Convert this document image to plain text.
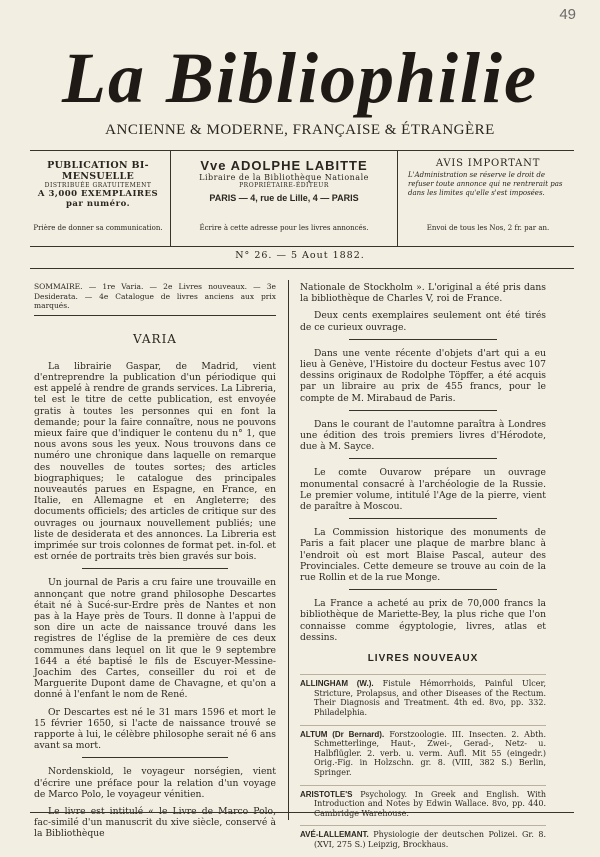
49
La Bibliophilie
ANCIENNE & MODERNE, FRANÇAISE & ÉTRANGÈRE
PUBLICATION BI-MENSUELLE
DISTRIBUÉE GRATUITEMENT
A 3,000 EXEMPLAIRES
par numéro.
Prière de donner sa communication.
Vve ADOLPHE LABITTE
Libraire de la Bibliothèque Nationale
PROPRIÉTAIRE-ÉDITEUR
PARIS — 4, rue de Lille, 4 — PARIS
Écrire à cette adresse pour les livres annoncés.
AVIS IMPORTANT
L'Administration se réserve le droit de refuser toute annonce qui ne rentrerait pas dans les limites qu'elle s'est imposées.
Envoi de tous les Nos, 2 fr. par an.
N° 26. — 5 Aout 1882.
SOMMAIRE. — 1re Varia. — 2e Livres nouveaux. — 3e Desiderata. — 4e Catalogue de livres anciens aux prix marqués.
VARIA

La librairie Gaspar, de Madrid, vient d'entreprendre la publication d'un périodique qui est appelé à rendre de grands services. La Libreria, tel est le titre de cette publication, est envoyée gratis à toutes les personnes qui en font la demande; pour la faire connaître, nous ne pouvons mieux faire que d'indiquer le contenu du n° 1, que nous avons sous les yeux. Nous trouvons dans ce numéro une chronique dans laquelle on remarque des nouvelles de toutes sortes; des articles biographiques; le catalogue des principales nouveautés parues en Espagne, en France, en Italie, en Allemagne et en Angleterre; des documents officiels; des articles de critique sur des ouvrages ou journaux nouvellement publiés; une liste de desiderata et des annonces. La Libreria est imprimée sur trois colonnes de format pet. in-fol. et est ornée de portraits très bien gravés sur bois.

Un journal de Paris a cru faire une trouvaille en annonçant que notre grand philosophe Descartes était né à Sucé-sur-Erdre près de Nantes et non pas à la Haye près de Tours. Il donne à l'appui de son dire un acte de naissance trouvé dans les registres de l'église de la première de ces deux communes dans lequel on lit que le 9 septembre 1644 a été baptisé le fils de Escuyer-Messine-Joachim des Cartes, conseiller du roi et de Marguerite Dupont dame de Chavagne, et qu'on a donné à l'enfant le nom de René.

Or Descartes est né le 31 mars 1596 et mort le 15 février 1650, si l'acte de naissance trouvé se rapporte à lui, le célèbre philosophe serait né 6 ans avant sa mort.

Nordenskiold, le voyageur norségien, vient d'écrire une préface pour la relation d'un voyage de Marco Polo, le voyageur vénitien.

Le livre est intitulé « le Livre de Marco Polo, fac-similé d'un manuscrit du xive siècle, conservé à la Bibliothèque

Nationale de Stockholm ». L'original a été pris dans la bibliothèque de Charles V, roi de France.

Deux cents exemplaires seulement ont été tirés de ce curieux ouvrage.

Dans une vente récente d'objets d'art qui a eu lieu à Genève, l'Histoire du docteur Festus avec 107 dessins originaux de Rodolphe Töpffer, a été acquis par un libraire au prix de 455 francs, pour le compte de M. Mirabaud de Paris.

Dans le courant de l'automne paraîtra à Londres une édition des trois premiers livres d'Hérodote, due à M. Sayce.

Le comte Ouvarow prépare un ouvrage monumental consacré à l'archéologie de la Russie. Le premier volume, intitulé l'Age de la pierre, vient de paraître à Moscou.

La Commission historique des monuments de Paris a fait placer une plaque de marbre blanc à l'endroit où est mort Blaise Pascal, auteur des Provinciales. Cette demeure se trouve au coin de la rue Rollin et de la rue Monge.

La France a acheté au prix de 70,000 francs la bibliothèque de Mariette-Bey, la plus riche que l'on connaisse comme égyptologie, livres, atlas et dessins.

LIVRES NOUVEAUX
ALLINGHAM (W.). Fistule Hémorrhoids, Painful Ulcer, Stricture, Prolapsus, and other Diseases of the Rectum. Their Diagnosis and Treatment. 4th ed. 8vo, pp. 332. Philadelphia.
ALTUM (Dr Bernard). Forstzoologie. III. Insecten. 2. Abth. Schmetterlinge, Haut-, Zwei-, Gerad-, Netz- u. Halbflügler. 2. verb. u. verm. Aufl. Mit 55 (eingedr.) Orig.-Fig. in Holzschn. gr. 8. (VIII, 382 S.) Berlin, Springer.
ARISTOTLE'S Psychology. In Greek and English. With Introduction and Notes by Edwin Wallace. 8vo, pp. 440. Cambridge Warehouse.
AVÉ-LALLEMANT. Physiologie der deutschen Polizei. Gr. 8. (XVI, 275 S.) Leipzig, Brockhaus.
